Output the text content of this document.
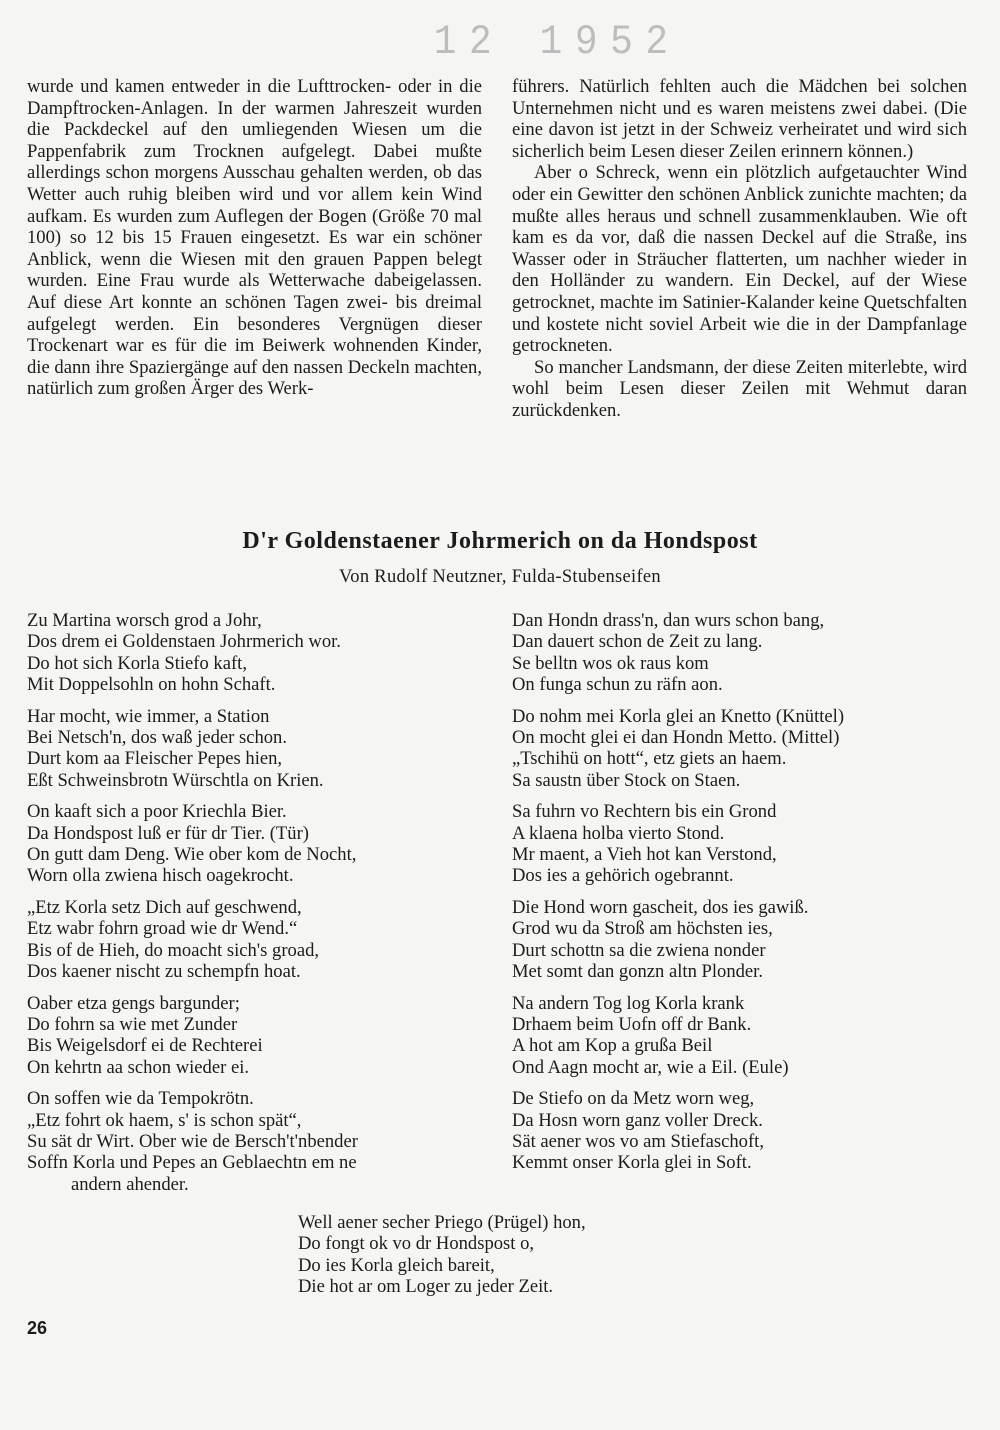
12 1952

wurde und kamen entweder in die Lufttrocken- oder in die Dampftrocken-Anlagen. In der warmen Jahreszeit wurden die Packdeckel auf den umliegenden Wiesen um die Pappenfabrik zum Trocknen aufgelegt. Dabei mußte allerdings schon morgens Ausschau gehalten werden, ob das Wetter auch ruhig bleiben wird und vor allem kein Wind aufkam. Es wurden zum Auflegen der Bogen (Größe 70 mal 100) so 12 bis 15 Frauen eingesetzt. Es war ein schöner Anblick, wenn die Wiesen mit den grauen Pappen belegt wurden. Eine Frau wurde als Wetterwache dabeigelassen. Auf diese Art konnte an schönen Tagen zwei- bis dreimal aufgelegt werden. Ein besonderes Vergnügen dieser Trockenart war es für die im Beiwerk wohnenden Kinder, die dann ihre Spaziergänge auf den nassen Deckeln machten, natürlich zum großen Ärger des Werk-

führers. Natürlich fehlten auch die Mädchen bei solchen Unternehmen nicht und es waren meistens zwei dabei. (Die eine davon ist jetzt in der Schweiz verheiratet und wird sich sicherlich beim Lesen dieser Zeilen erinnern können.)

Aber o Schreck, wenn ein plötzlich aufgetauchter Wind oder ein Gewitter den schönen Anblick zunichte machten; da mußte alles heraus und schnell zusammenklauben. Wie oft kam es da vor, daß die nassen Deckel auf die Straße, ins Wasser oder in Sträucher flatterten, um nachher wieder in den Holländer zu wandern. Ein Deckel, auf der Wiese getrocknet, machte im Satinier-Kalander keine Quetschfalten und kostete nicht soviel Arbeit wie die in der Dampfanlage getrockneten.

So mancher Landsmann, der diese Zeiten miterlebte, wird wohl beim Lesen dieser Zeilen mit Wehmut daran zurückdenken.

D'r Goldenstaener Johrmerich on da Hondspost
Von Rudolf Neutzner, Fulda-Stubenseifen
Zu Martina worsch grod a Johr,
Dos drem ei Goldenstaen Johrmerich wor.
Do hot sich Korla Stiefo kaft,
Mit Doppelsohln on hohn Schaft.
Har mocht, wie immer, a Station
Bei Netsch'n, dos waß jeder schon.
Durt kom aa Fleischer Pepes hien,
Eßt Schweinsbrotn Würschtla on Krien.
On kaaft sich a poor Kriechla Bier.
Da Hondspost luß er für dr Tier. (Tür)
On gutt dam Deng. Wie ober kom de Nocht,
Worn olla zwiena hisch oagekrocht.
„Etz Korla setz Dich auf geschwend,
Etz wabr fohrn groad wie dr Wend.“
Bis of de Hieh, do moacht sich's groad,
Dos kaener nischt zu schempfn hoat.
Oaber etza gengs bargunder;
Do fohrn sa wie met Zunder
Bis Weigelsdorf ei de Rechterei
On kehrtn aa schon wieder ei.
On soffen wie da Tempokrötn.
„Etz fohrt ok haem, s' is schon spät“,
Su sät dr Wirt. Ober wie de Bersch't'nbender
Soffn Korla und Pepes an Geblaechtn em ne
andern ahender.
Dan Hondn drass'n, dan wurs schon bang,
Dan dauert schon de Zeit zu lang.
Se belltn wos ok raus kom
On funga schun zu räfn aon.
Do nohm mei Korla glei an Knetto (Knüttel)
On mocht glei ei dan Hondn Metto. (Mittel)
„Tschihü on hott“, etz giets an haem.
Sa saustn über Stock on Staen.
Sa fuhrn vo Rechtern bis ein Grond
A klaena holba vierto Stond.
Mr maent, a Vieh hot kan Verstond,
Dos ies a gehörich ogebrannt.
Die Hond worn gascheit, dos ies gawiß.
Grod wu da Stroß am höchsten ies,
Durt schottn sa die zwiena nonder
Met somt dan gonzn altn Plonder.
Na andern Tog log Korla krank
Drhaem beim Uofn off dr Bank.
A hot am Kop a grußa Beil
Ond Aagn mocht ar, wie a Eil. (Eule)
De Stiefo on da Metz worn weg,
Da Hosn worn ganz voller Dreck.
Sät aener wos vo am Stiefaschoft,
Kemmt onser Korla glei in Soft.
Well aener secher Priego (Prügel) hon,
Do fongt ok vo dr Hondspost o,
Do ies Korla gleich bareit,
Die hot ar om Loger zu jeder Zeit.
26
